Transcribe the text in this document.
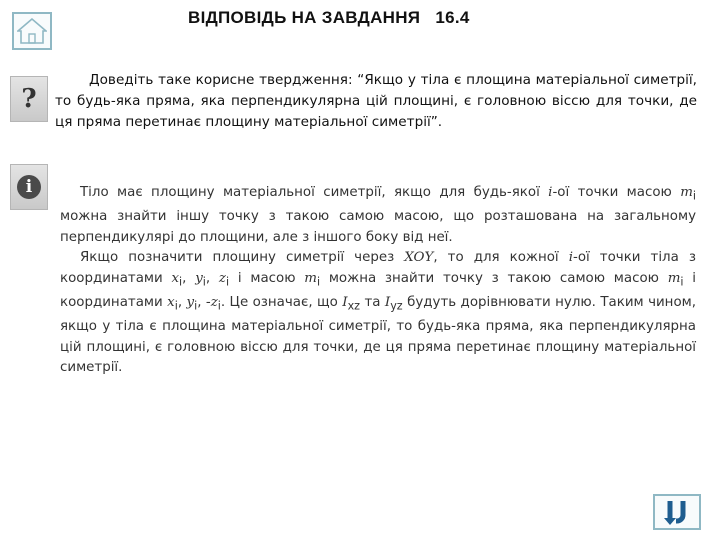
ВІДПОВІДЬ НА ЗАВДАННЯ   16.4
?
Доведіть таке корисне твердження: “Якщо у тіла є площина матеріальної симетрії, то будь-яка пряма, яка перпендикулярна цій площині, є головною віссю для точки, де ця пряма перетинає площину матеріальної симетрії”.
i	Тіло має площину матеріальної симетрії, якщо для будь-якої i-ої точки масою $m_i$ можна знайти іншу точку з такою самою масою, що розташована на загальному перпендикулярі до площини, але з іншого боку від неї.

Якщо позначити площину симетрії через XOY, то для кожної i-ої точки тіла з координатами $x_i$, $y_i$, $z_i$ і масою $m_i$ можна знайти точку з такою самою масою $m_i$ і координатами $x_i$, $y_i$, $-z_i$. Це означає, що $I_{xz}$ та $I_{yz}$ будуть дорівнювати нулю. Таким чином, якщо у тіла є площина матеріальної симетрії, то будь-яка пряма, яка перпендикулярна цій площині, є головною віссю для точки, де ця пряма перетинає площину матеріальної симетрії.
